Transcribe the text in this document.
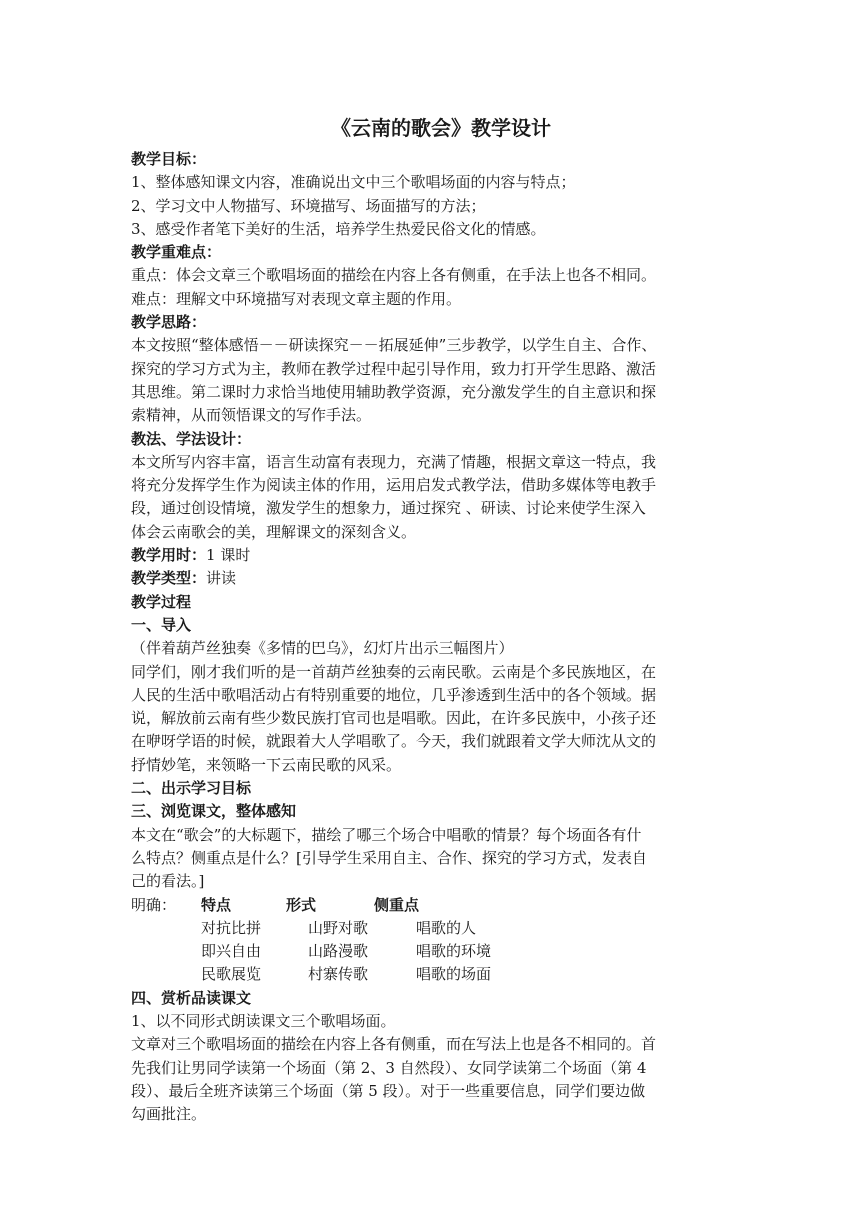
《云南的歌会》教学设计
教学目标：
1、整体感知课文内容，准确说出文中三个歌唱场面的内容与特点；
2、学习文中人物描写、环境描写、场面描写的方法；
3、感受作者笔下美好的生活，培养学生热爱民俗文化的情感。
教学重难点：
重点：体会文章三个歌唱场面的描绘在内容上各有侧重，在手法上也各不相同。
难点：理解文中环境描写对表现文章主题的作用。
教学思路：
本文按照“整体感悟－－研读探究－－拓展延伸”三步教学，以学生自主、合作、
探究的学习方式为主，教师在教学过程中起引导作用，致力打开学生思路、激活
其思维。第二课时力求恰当地使用辅助教学资源，充分激发学生的自主意识和探
索精神，从而领悟课文的写作手法。
教法、学法设计：
本文所写内容丰富，语言生动富有表现力，充满了情趣，根据文章这一特点，我
将充分发挥学生作为阅读主体的作用，运用启发式教学法，借助多媒体等电教手
段，通过创设情境，激发学生的想象力，通过探究 、研读、讨论来使学生深入
体会云南歌会的美，理解课文的深刻含义。
教学用时：1 课时
教学类型：讲读
教学过程
一、导入
（伴着葫芦丝独奏《多情的巴乌》，幻灯片出示三幅图片）
同学们，刚才我们听的是一首葫芦丝独奏的云南民歌。云南是个多民族地区，在
人民的生活中歌唱活动占有特别重要的地位，几乎渗透到生活中的各个领域。据
说，解放前云南有些少数民族打官司也是唱歌。因此，在许多民族中，小孩子还
在咿呀学语的时候，就跟着大人学唱歌了。今天，我们就跟着文学大师沈从文的
抒情妙笔，来领略一下云南民歌的风采。
二、出示学习目标
三、浏览课文，整体感知
本文在“歌会”的大标题下，描绘了哪三个场合中唱歌的情景？每个场面各有什
么特点？侧重点是什么？[引导学生采用自主、合作、探究的学习方式，发表自
己的看法。]
明确：	特点	形式	侧重点
对抗比拼	山野对歌	唱歌的人
即兴自由	山路漫歌	唱歌的环境
民歌展览	村寨传歌	唱歌的场面
四、赏析品读课文
1、以不同形式朗读课文三个歌唱场面。
文章对三个歌唱场面的描绘在内容上各有侧重，而在写法上也是各不相同的。首
先我们让男同学读第一个场面（第 2、3 自然段）、女同学读第二个场面（第 4
段）、最后全班齐读第三个场面（第 5 段）。对于一些重要信息，同学们要边做
勾画批注。
